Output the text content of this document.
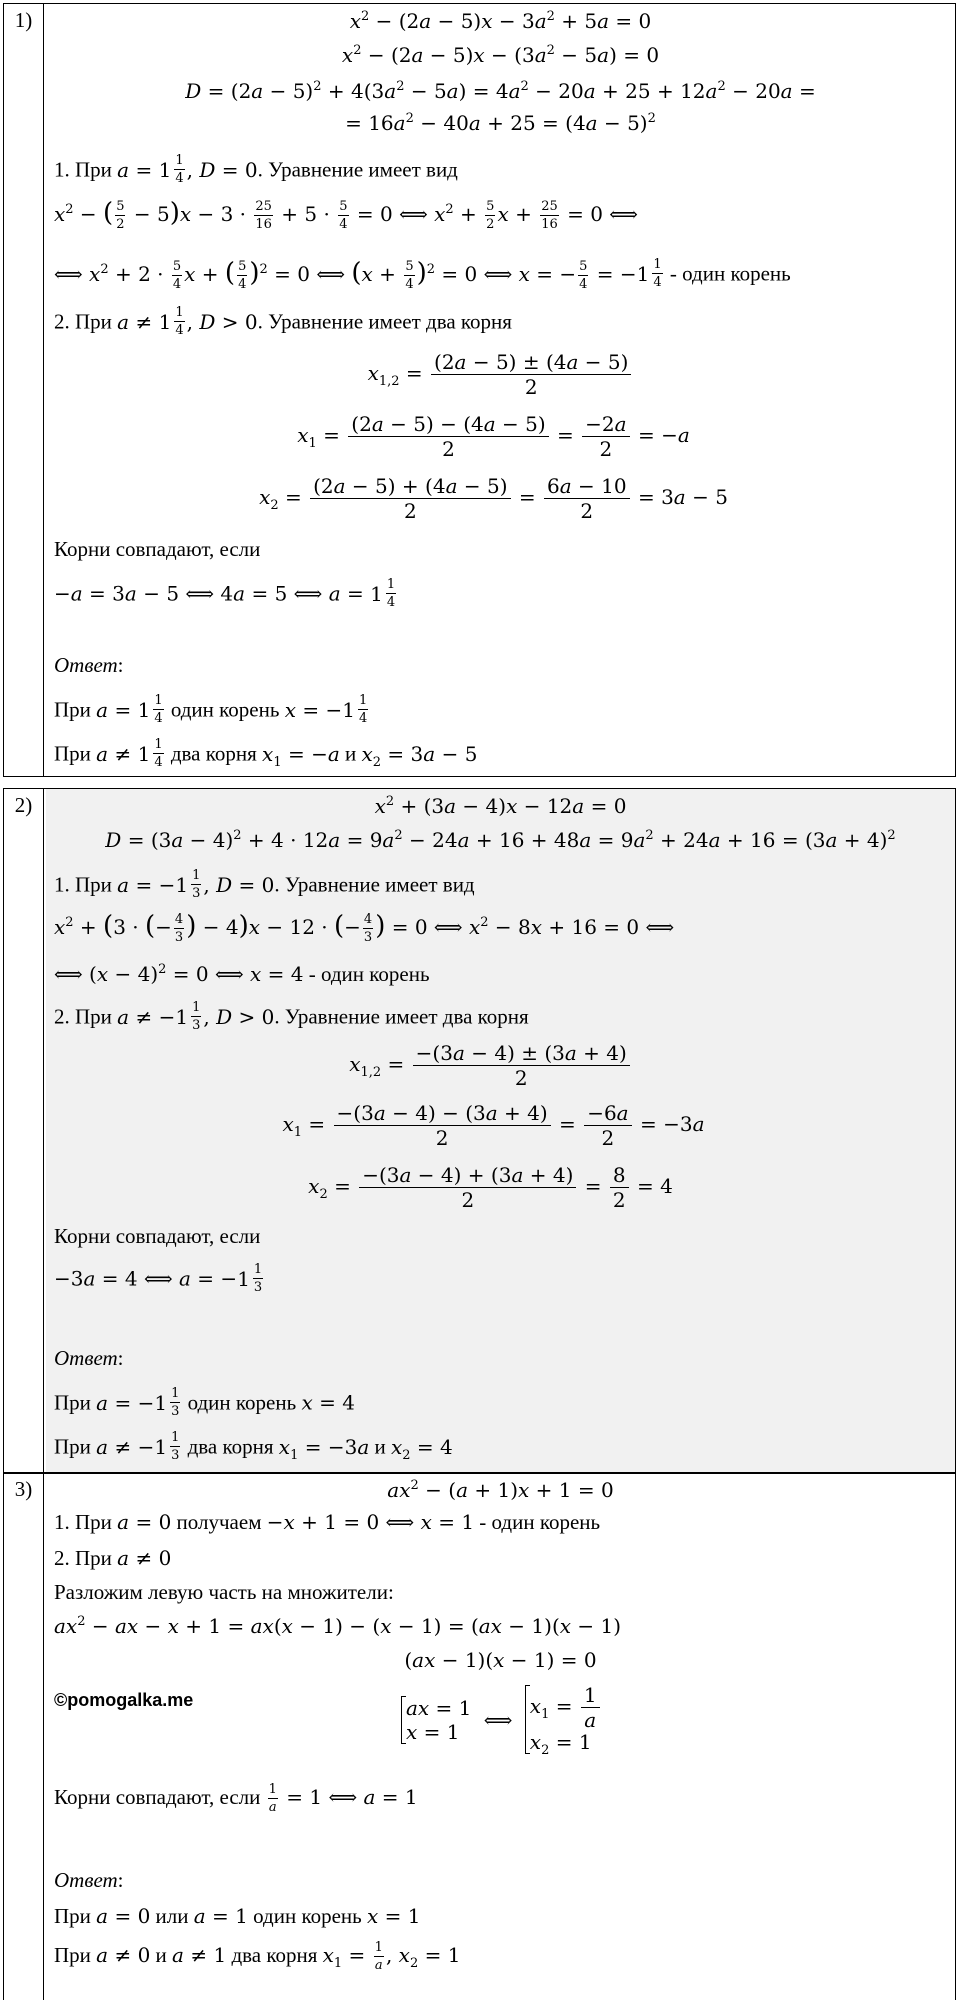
1)	$x^2 - (2a - 5)x - 3a^2 + 5a = 0$
$x^2 - (2a - 5)x - (3a^2 - 5a) = 0$
$D = (2a - 5)^2 + 4(3a^2 - 5a) = 4a^2 - 20a + 25 + 12a^2 - 20a$ =
= $16a^2 - 40a + 25 = (4a - 5)^2$
1. При $a = 1 \frac{1}{4}$ , D = 0. Уравнение имеет вид
$x^2$ − ( $\frac{5}{2} - 5)x - 3 \cdot \frac{25}{16} + 5 \cdot \frac{5}{4} = 0$ ⟺ $x^2 + \frac{5}{2}$ $x + \frac{25}{16} = 0$ ⟺
⟺ $x^2 + 2 \cdot \frac{5}{4}$ x + ( $\frac{5}{4} )^2 = 0$ ⟺ $(x + \frac{5}{4} )^2 = 0$ ⟺ x = − $\frac{5}{4}$ = − $1 \frac{1}{4}$ - один корень
2. При $a \ne 1 \frac{1}{4}$ , D > 0. Уравнение имеет два корня
$x_{1,2} = \frac{(2a - 5) \pm (4a - 5)}{2}$
$x_1 = \frac{(2a - 5) - (4a - 5)}{2} = \frac{-2a}{2} = -a$
$x_2 = \frac{(2a - 5) + (4a - 5)}{2} = \frac{6a - 10}{2} = 3a - 5$
Корни совпадают, если
−a = 3a − 5 ⟺ 4a = 5 ⟺ $a = 1 \frac{1}{4}$
Ответ:
При $a = 1 \frac{1}{4}$ один корень x = − $1 \frac{1}{4}$
При $a \ne 1 \frac{1}{4}$ два корня $x_1 = -a$ и $x_2 = 3a - 5$
2)	$x^2 + (3a - 4)x - 12a = 0$
$D = (3a - 4)^2 + 4 \cdot 12a = 9a^2 - 24a + 16 + 48a = 9a^2 + 24a + 16 = (3a + 4)^2$
1. При a = − $1 \frac{1}{3}$ , D = 0. Уравнение имеет вид
$x^2 + (3$ · (− $\frac{4}{3}$ ) − 4)x − 12 · (− $\frac{4}{3}$ ) = 0 ⟺ $x^2 - 8x + 16 = 0$ ⟺
⟺ $(x - 4)^2 = 0$ ⟺ x = 4 - один корень
2. При a ≠ − $1 \frac{1}{3}$ , D > 0. Уравнение имеет два корня
$x_{1,2} = \frac{-(3a - 4) \pm (3a + 4)}{2}$
$x_1 = \frac{-(3a - 4) - (3a + 4)}{2} = \frac{-6a}{2} = -3a$
$x_2 = \frac{-(3a - 4) + (3a + 4)}{2} = \frac{8}{2} = 4$
Корни совпадают, если
−3a = 4 ⟺ a = − $1 \frac{1}{3}$
Ответ:
При a = − $1 \frac{1}{3}$ один корень x = 4
При a ≠ − $1 \frac{1}{3}$ два корня $x_1 = -3a$ и $x_2 = 4$
3)	$ax^2 - (a + 1)x + 1 = 0$
1. При a = 0 получаем −x + 1 = 0 ⟺ x = 1 - один корень
2. При a ≠ 0
Разложим левую часть на множители:
$ax^2$ − ax − x + 1 = ax(x − 1) − (x − 1) = (ax − 1)(x − 1)
(ax − 1)(x − 1) = 0
©pomogalka.me	ax = 1
x = 1	⟺
$x_1 = \frac{1}{a}$
$x_2 = 1$
Корни совпадают, если $\frac{1}{a} = 1$ ⟺ a = 1
Ответ:
При a = 0 или a = 1 один корень x = 1
При a ≠ 0 и a ≠ 1 два корня $x_1 = \frac{1}{a}$ , $x_2 = 1$
